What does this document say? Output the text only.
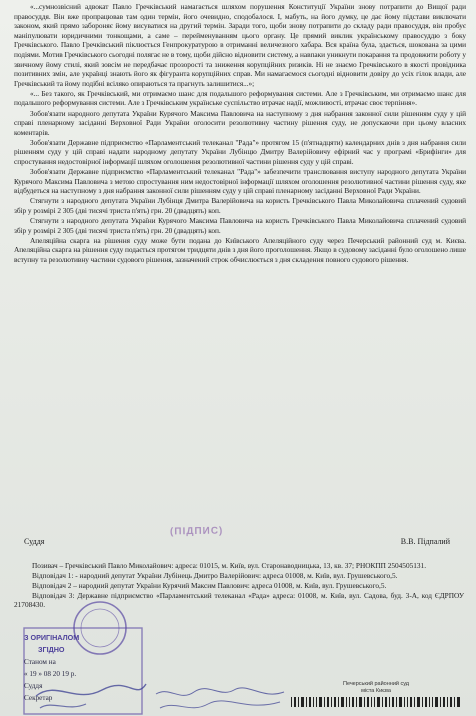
«...сумнозвісний адвокат Павло Гречківський намагається шляхом порушення Конституції України знову потрапити до Вищої ради правосуддя. Він вже пропрацював там один термін, його очевидно, сподобалося. І, мабуть, на його думку, це дає йому підстави виключати законом, який прямо забороняє йому висуватися на другий термін. Заради того, щоби знову потрапити до складу ради правосуддя, він пробує маніпулювати юридичними тонкощами, а саме – перейменуванням цього органу. Це прямий виклик українському правосуддю з боку Гречківського. Павло Гречківський піклюється Генпрокуратурою в отриманні величезного хабара. Вся країна була, здається, шокована за цими подіями. Мотив Гречківського сьогодні полягає не в тому, щоби дійсно відновити систему, а навпаки уникнути покарання та продовжити роботу у звичному йому стилі, який зовсім не передбачає прозорості та зниження корупційних ризиків. Ні не знаємо Гречківського в якості провідника позитивних змін, але українці знають його як фігуранта корупційних справ. Ми намагаємося сьогодні відновити довіру до усіх гілок влади, але Гречківський та йому подібні всіляко опираються та прагнуть залишитися...»;

«... Без такого, як Гречківський, ми отримаємо шанс для подальшого реформування системи. Але з Гречківським, ми отримаємо шанс для подальшого реформування системи. Але з Гречківським українське суспільство втрачає надії, можливості, втрачає своє терпіння».

Зобов'язати народного депутата України Курячого Максима Павловича на наступному з дня набрання законної сили рішенням суду у цій справі пленарному засіданні Верховної Ради України оголосити резолютивну частину рішення суду, не допускаючи при цьому власних коментарів.

Зобов'язати Державне підприємство «Парламентський телеканал "Рада"» протягом 15 (п'ятнадцяти) календарних днів з дня набрання сили рішенням суду у цій справі надати народному депутату України Лубінцю Дмитру Валерійовичу ефірний час у програмі «Брифінги» для спростування недостовірної інформації шляхом оголошення резолютивної частини рішення суду у цій справі.

Зобов'язати Державне підприємство «Парламентський телеканал "Рада"» забезпечити транслювання виступу народного депутата України Курячого Максима Павловича з метою спростування ним недостовірної інформації шляхом оголошення резолютивної частини рішення суду, яке відбудеться на наступному з дня набрання законної сили рішенням суду у цій справі пленарному засіданні Верховної Ради України.

Стягнути з народного депутата України Лубінця Дмитра Валерійовича на користь Гречківського Павла Миколайовича сплачений судовий збір у розмірі 2 305 (дві тисячі триста п'ять) грн. 20 (двадцять) коп.

Стягнути з народного депутата України Курячого Максима Павловича на користь Гречківського Павла Миколайовича сплачений судовий збір у розмірі 2 305 (дві тисячі триста п'ять) грн. 20 (двадцять) коп.

Апеляційна скарга на рішення суду може бути подана до Київського Апеляційного суду через Печерський районний суд м. Києва. Апеляційна скарга на рішення суду подається протягом тридцяти днів з дня його проголошення. Якщо в судовому засіданні було оголошено лише вступну та резолютивну частини судового рішення, зазначений строк обчислюється з дня складення повного судового рішення.

Суддя	В.В. Підпалий
(ПІДПИС)

Позивач – Гречківський Павло Миколайович: адреса: 01015, м. Київ, вул. Старонаводницька, 13, кв. 37; РНОКПП 2504505131.

Відповідач 1: - народний депутат України Лубінець Дмитро Валерійович: адреса 01008, м. Київ, вул. Грушевського,5.

Відповідач 2 – народний депутат України Курячий Максим Павлович: адреса 01008, м. Київ, вул. Грушевського,5.

Відповідач 3: Державне підприємство «Парламентський телеканал «Рада» адреса: 01008, м. Київ, вул. Садова, буд. 3-А, код ЄДРПОУ 21708430.

З ОРИГІНАЛОМ
ЗГІДНО
Станом на
« 19 » 08 20 19 р.
Суддя
Секретар
Печерський районний суд
міста Києва
